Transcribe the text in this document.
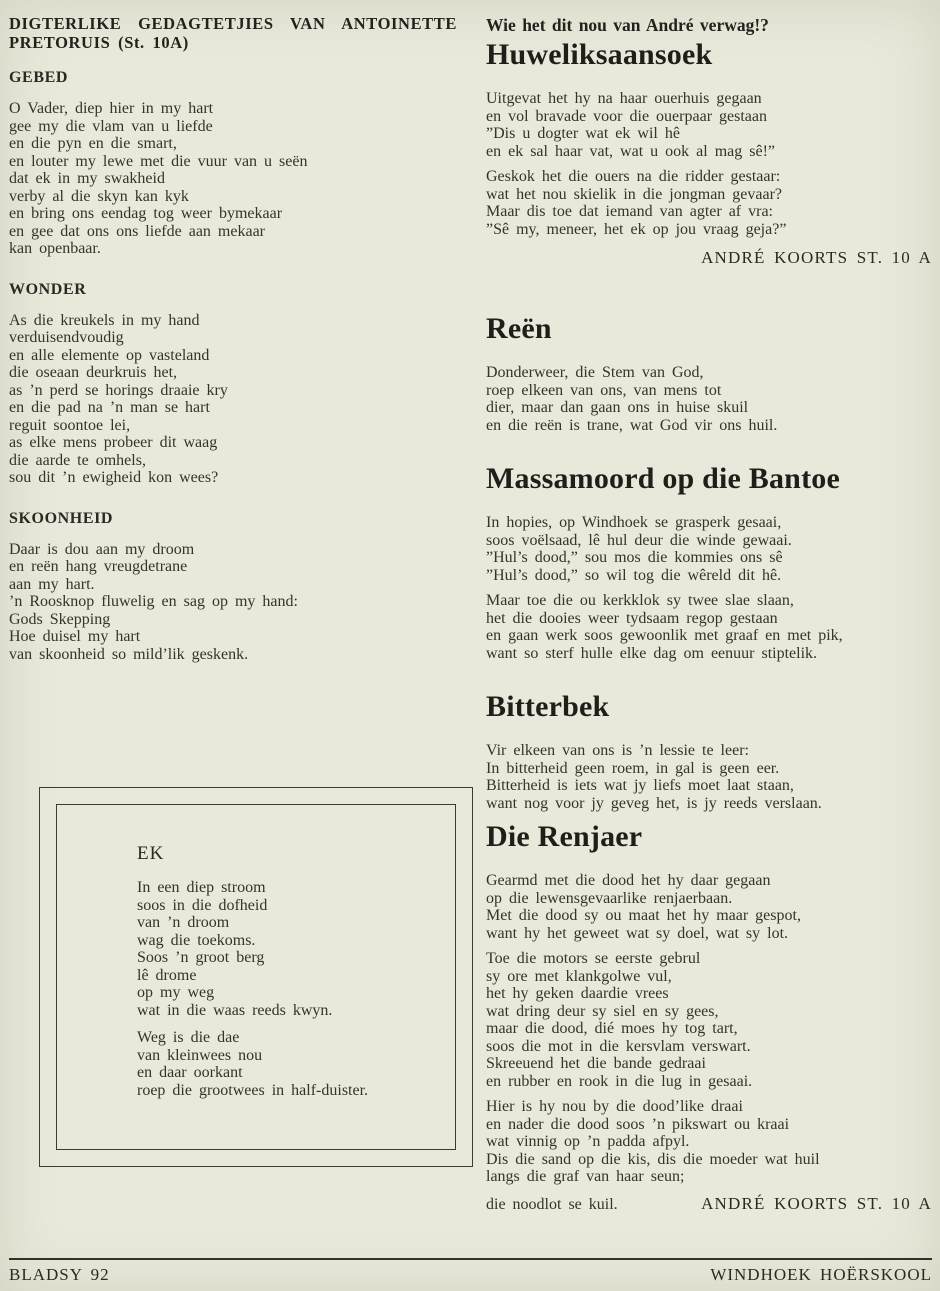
DIGTERLIKE GEDAGTETJIES VAN ANTOINETTE PRETORUIS (St. 10A)

GEBED

O Vader, diep hier in my hart
gee my die vlam van u liefde
en die pyn en die smart,
en louter my lewe met die vuur van u seën
dat ek in my swakheid
verby al die skyn kan kyk
en bring ons eendag tog weer bymekaar
en gee dat ons ons liefde aan mekaar
kan openbaar.

WONDER

As die kreukels in my hand
verduisendvoudig
en alle elemente op vasteland
die oseaan deurkruis het,
as ’n perd se horings draaie kry
en die pad na ’n man se hart
reguit soontoe lei,
as elke mens probeer dit waag
die aarde te omhels,
sou dit ’n ewigheid kon wees?

SKOONHEID

Daar is dou aan my droom
en reën hang vreugdetrane
aan my hart.
’n Roosknop fluwelig en sag op my hand:
Gods Skepping
Hoe duisel my hart
van skoonheid so mild’lik geskenk.

EK

In een diep stroom
soos in die dofheid
van ’n droom
wag die toekoms.
Soos ’n groot berg
lê drome
op my weg
wat in die waas reeds kwyn.
Weg is die dae
van kleinwees nou
en daar oorkant
roep die grootwees in half-duister.

Wie het dit nou van André verwag!?

Huweliksaansoek
Uitgevat het hy na haar ouerhuis gegaan
en vol bravade voor die ouerpaar gestaan
”Dis u dogter wat ek wil hê
en ek sal haar vat, wat u ook al mag sê!”
Geskok het die ouers na die ridder gestaar:
wat het nou skielik in die jongman gevaar?
Maar dis toe dat iemand van agter af vra:
”Sê my, meneer, het ek op jou vraag geja?”

ANDRÉ KOORTS ST. 10 A

Reën
Donderweer, die Stem van God,
roep elkeen van ons, van mens tot
dier, maar dan gaan ons in huise skuil
en die reën is trane, wat God vir ons huil.
Massamoord op die Bantoe
In hopies, op Windhoek se grasperk gesaai,
soos voëlsaad, lê hul deur die winde gewaai.
”Hul’s dood,” sou mos die kommies ons sê
”Hul’s dood,” so wil tog die wêreld dit hê.
Maar toe die ou kerkklok sy twee slae slaan,
het die dooies weer tydsaam regop gestaan
en gaan werk soos gewoonlik met graaf en met pik,
want so sterf hulle elke dag om eenuur stiptelik.
Bitterbek
Vir elkeen van ons is ’n lessie te leer:
In bitterheid geen roem, in gal is geen eer.
Bitterheid is iets wat jy liefs moet laat staan,
want nog voor jy geveg het, is jy reeds verslaan.
Die Renjaer
Gearmd met die dood het hy daar gegaan
op die lewensgevaarlike renjaerbaan.
Met die dood sy ou maat het hy maar gespot,
want hy het geweet wat sy doel, wat sy lot.
Toe die motors se eerste gebrul
sy ore met klankgolwe vul,
het hy geken daardie vrees
wat dring deur sy siel en sy gees,
maar die dood, dié moes hy tog tart,
soos die mot in die kersvlam verswart.
Skreeuend het die bande gedraai
en rubber en rook in die lug in gesaai.
Hier is hy nou by die dood’like draai
en nader die dood soos ’n pikswart ou kraai
wat vinnig op ’n padda afpyl.
Dis die sand op die kis, dis die moeder wat huil
langs die graf van haar seun;
die noodlot se kuil.	ANDRÉ KOORTS ST. 10 A
BLADSY 92	WINDHOEK HOËRSKOOL
